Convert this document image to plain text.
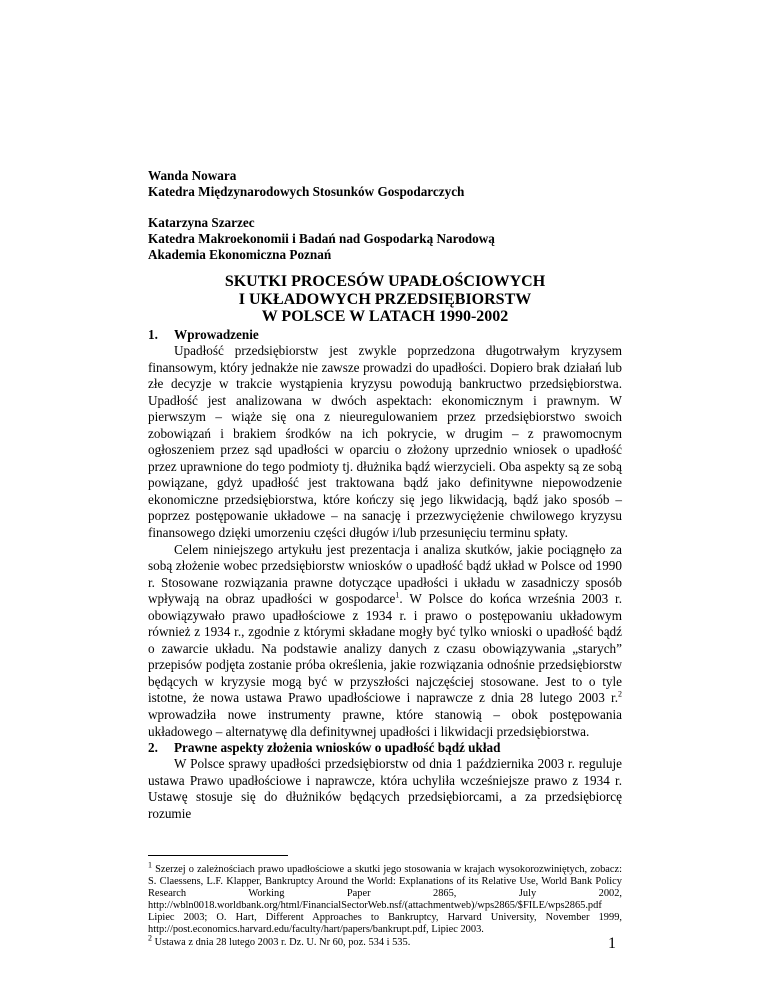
Wanda Nowara

Katedra Międzynarodowych Stosunków Gospodarczych

Katarzyna Szarzec

Katedra Makroekonomii i Badań nad Gospodarką Narodową

Akademia Ekonomiczna Poznań

SKUTKI PROCESÓW UPADŁOŚCIOWYCH
I UKŁADOWYCH PRZEDSIĘBIORSTW
W POLSCE W LATACH 1990-2002
1. Wprowadzenie

Upadłość przedsiębiorstw jest zwykle poprzedzona długotrwałym kryzysem finansowym, który jednakże nie zawsze prowadzi do upadłości. Dopiero brak działań lub złe decyzje w trakcie wystąpienia kryzysu powodują bankructwo przedsiębiorstwa. Upadłość jest analizowana w dwóch aspektach: ekonomicznym i prawnym. W pierwszym – wiąże się ona z nieuregulowaniem przez przedsiębiorstwo swoich zobowiązań i brakiem środków na ich pokrycie, w drugim – z prawomocnym ogłoszeniem przez sąd upadłości w oparciu o złożony uprzednio wniosek o upadłość przez uprawnione do tego podmioty tj. dłużnika bądź wierzycieli. Oba aspekty są ze sobą powiązane, gdyż upadłość jest traktowana bądź jako definitywne niepowodzenie ekonomiczne przedsiębiorstwa, które kończy się jego likwidacją, bądź jako sposób – poprzez postępowanie układowe – na sanację i przezwyciężenie chwilowego kryzysu finansowego dzięki umorzeniu części długów i/lub przesunięciu terminu spłaty.

Celem niniejszego artykułu jest prezentacja i analiza skutków, jakie pociągnęło za sobą złożenie wobec przedsiębiorstw wniosków o upadłość bądź układ w Polsce od 1990 r. Stosowane rozwiązania prawne dotyczące upadłości i układu w zasadniczy sposób wpływają na obraz upadłości w gospodarce$^1$. W Polsce do końca września 2003 r. obowiązywało prawo upadłościowe z 1934 r. i prawo o postępowaniu układowym również z 1934 r., zgodnie z którymi składane mogły być tylko wnioski o upadłość bądź o zawarcie układu. Na podstawie analizy danych z czasu obowiązywania „starych” przepisów podjęta zostanie próba określenia, jakie rozwiązania odnośnie przedsiębiorstw będących w kryzysie mogą być w przyszłości najczęściej stosowane. Jest to o tyle istotne, że nowa ustawa Prawo upadłościowe i naprawcze z dnia 28 lutego 2003 r.$^2$ wprowadziła nowe instrumenty prawne, które stanowią – obok postępowania układowego – alternatywę dla definitywnej upadłości i likwidacji przedsiębiorstwa.

2. Prawne aspekty złożenia wniosków o upadłość bądź układ

W Polsce sprawy upadłości przedsiębiorstw od dnia 1 października 2003 r. reguluje ustawa Prawo upadłościowe i naprawcze, która uchyliła wcześniejsze prawo z 1934 r. Ustawę stosuje się do dłużników będących przedsiębiorcami, a za przedsiębiorcę rozumie

$^1$ Szerzej o zależnościach prawo upadłościowe a skutki jego stosowania w krajach wysokorozwiniętych, zobacz: S. Claessens, L.F. Klapper, Bankruptcy Around the World: Explanations of its Relative Use, World Bank Policy Research Working Paper 2865, July 2002, http://wbln0018.worldbank.org/html/FinancialSectorWeb.nsf/(attachmentweb)/wps2865/$FILE/wps2865.pdf Lipiec 2003; O. Hart, Different Approaches to Bankruptcy, Harvard University, November 1999, http://post.economics.harvard.edu/faculty/hart/papers/bankrupt.pdf, Lipiec 2003.

$^2$ Ustawa z dnia 28 lutego 2003 r. Dz. U. Nr 60, poz. 534 i 535.	1
